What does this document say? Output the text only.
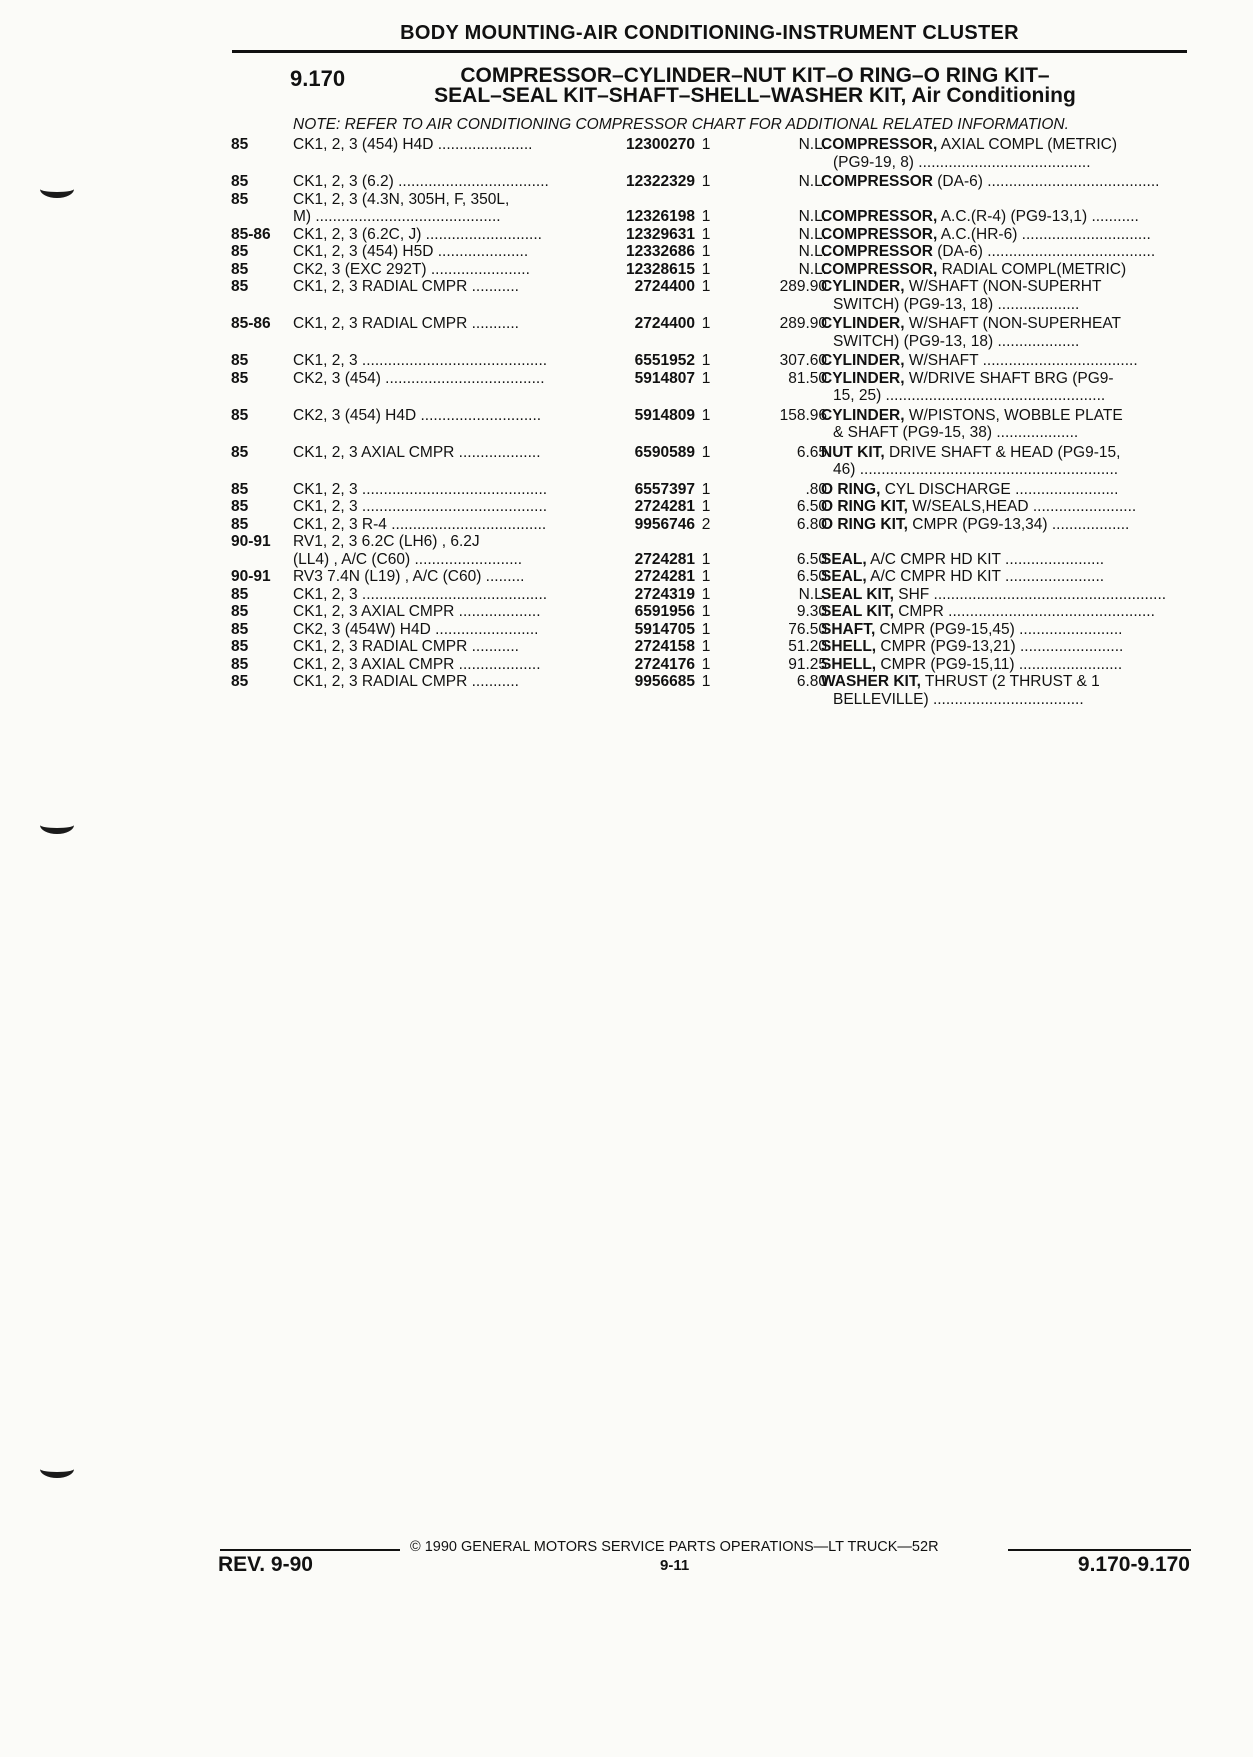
BODY MOUNTING-AIR CONDITIONING-INSTRUMENT CLUSTER
9.170	COMPRESSOR–CYLINDER–NUT KIT–O RING–O RING KIT–
SEAL–SEAL KIT–SHAFT–SHELL–WASHER KIT, Air Conditioning
NOTE: REFER TO AIR CONDITIONING COMPRESSOR CHART FOR ADDITIONAL RELATED INFORMATION.
85	CK1, 2, 3 (454) H4D ......................	12300270 1	N.L.
COMPRESSOR, AXIAL COMPL (METRIC)
(PG9-19, 8) ........................................
85	CK1, 2, 3 (6.2) ...................................	12322329 1	N.L.
COMPRESSOR (DA-6) ........................................
85	CK1, 2, 3 (4.3N, 305H, F, 350L,
M) ...........................................	12326198 1	N.L.
COMPRESSOR, A.C.(R-4) (PG9-13,1) ...........
85-86 CK1, 2, 3 (6.2C, J) ...........................	12329631 1	N.L.
COMPRESSOR, A.C.(HR-6) ..............................
85	CK1, 2, 3 (454) H5D .....................	12332686 1	N.L.
COMPRESSOR (DA-6) .......................................
85	CK2, 3 (EXC 292T) .......................	12328615 1	N.L.
COMPRESSOR, RADIAL COMPL(METRIC)
85	CK1, 2, 3 RADIAL CMPR ...........	2724400 1	289.90
CYLINDER, W/SHAFT (NON-SUPERHT
SWITCH) (PG9-13, 18) ...................
85-86 CK1, 2, 3 RADIAL CMPR ...........	2724400 1	289.90
CYLINDER, W/SHAFT (NON-SUPERHEAT
SWITCH) (PG9-13, 18) ...................
85	CK1, 2, 3 ...........................................	6551952 1	307.60
CYLINDER, W/SHAFT ....................................
85	CK2, 3 (454) .....................................	5914807 1	81.50
CYLINDER, W/DRIVE SHAFT BRG (PG9-
15, 25) ...................................................
85	CK2, 3 (454) H4D ............................	5914809 1	158.96
CYLINDER, W/PISTONS, WOBBLE PLATE
& SHAFT (PG9-15, 38) ...................
85	CK1, 2, 3 AXIAL CMPR ...................	6590589 1	6.65
NUT KIT, DRIVE SHAFT & HEAD (PG9-15,
46) ............................................................
85	CK1, 2, 3 ...........................................	6557397 1	.80
O RING, CYL DISCHARGE ........................
85	CK1, 2, 3 ...........................................	2724281 1	6.50
O RING KIT, W/SEALS,HEAD ........................
85	CK1, 2, 3 R-4 ....................................	9956746 2	6.80
O RING KIT, CMPR (PG9-13,34) ..................
90-91 RV1, 2, 3 6.2C (LH6) , 6.2J
(LL4) , A/C (C60) .........................	2724281 1	6.50
SEAL, A/C CMPR HD KIT .......................
90-91 RV3 7.4N (L19) , A/C (C60) .........	2724281 1	6.50
SEAL, A/C CMPR HD KIT .......................
85	CK1, 2, 3 ...........................................	2724319 1	N.L.
SEAL KIT, SHF ......................................................
85	CK1, 2, 3 AXIAL CMPR ...................	6591956 1	9.30
SEAL KIT, CMPR ................................................
85	CK2, 3 (454W) H4D ........................	5914705 1	76.50
SHAFT, CMPR (PG9-15,45) ........................
85	CK1, 2, 3 RADIAL CMPR ...........	2724158 1	51.20
SHELL, CMPR (PG9-13,21) ........................
85	CK1, 2, 3 AXIAL CMPR ...................	2724176 1	91.25
SHELL, CMPR (PG9-15,11) ........................
85	CK1, 2, 3 RADIAL CMPR ...........	9956685 1	6.80
WASHER KIT, THRUST (2 THRUST & 1
BELLEVILLE) ...................................
© 1990 GENERAL MOTORS SERVICE PARTS OPERATIONS—LT TRUCK—52R
REV. 9-90	9-11	9.170-9.170
